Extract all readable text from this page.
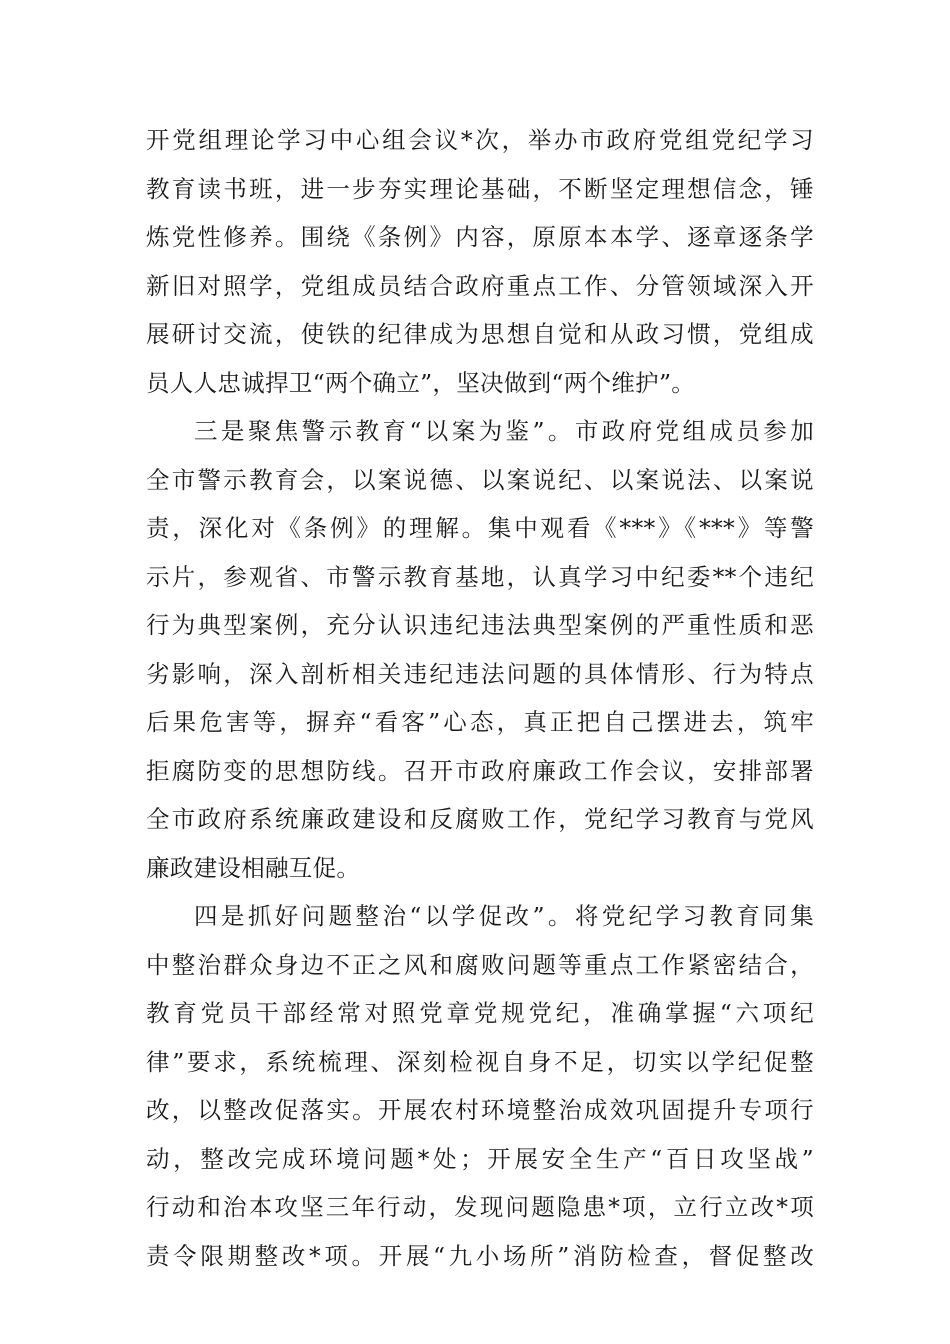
开党组理论学习中心组会议*次，举办市政府党组党纪学习
教育读书班，进一步夯实理论基础，不断坚定理想信念，锤
炼党性修养。围绕《条例》内容，原原本本学、逐章逐条学
新旧对照学，党组成员结合政府重点工作、分管领域深入开
展研讨交流，使铁的纪律成为思想自觉和从政习惯，党组成
员人人忠诚捍卫“两个确立”，坚决做到“两个维护”。
三是聚焦警示教育“以案为鉴”。市政府党组成员参加
全市警示教育会，以案说德、以案说纪、以案说法、以案说
责，深化对《条例》的理解。集中观看《***》《***》等警
示片，参观省、市警示教育基地，认真学习中纪委**个违纪
行为典型案例，充分认识违纪违法典型案例的严重性质和恶
劣影响，深入剖析相关违纪违法问题的具体情形、行为特点
后果危害等，摒弃“看客”心态，真正把自己摆进去，筑牢
拒腐防变的思想防线。召开市政府廉政工作会议，安排部署
全市政府系统廉政建设和反腐败工作，党纪学习教育与党风
廉政建设相融互促。
四是抓好问题整治“以学促改”。将党纪学习教育同集
中整治群众身边不正之风和腐败问题等重点工作紧密结合，
教育党员干部经常对照党章党规党纪，准确掌握“六项纪
律”要求，系统梳理、深刻检视自身不足，切实以学纪促整
改，以整改促落实。开展农村环境整治成效巩固提升专项行
动，整改完成环境问题*处；开展安全生产“百日攻坚战”
行动和治本攻坚三年行动，发现问题隐患*项，立行立改*项
责令限期整改*项。开展“九小场所”消防检查，督促整改
